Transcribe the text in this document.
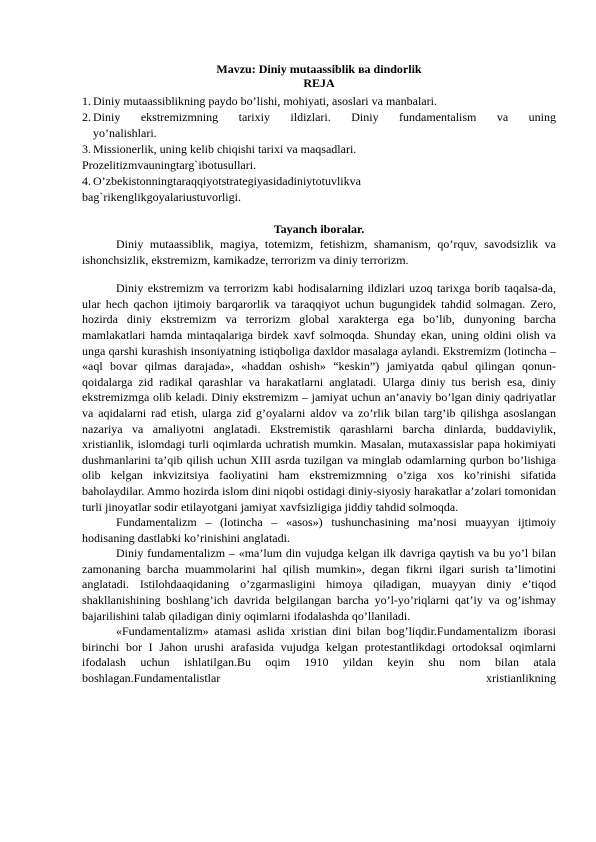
Mavzu: Diniy mutaassiblik вa dindorlik
REJA
1. Diniy mutaassiblikning paydo bo’lishi, mohiyati, asoslari va manbalari.
2. Diniy ekstremizmning tarixiy ildizlari. Diniy fundamentalism va uning
yo’nalishlari.
3. Missionerlik, uning kelib chiqishi tarixi va maqsadlari.
Prozelitizmvauningtarg`ibotusullari.
4. O’zbekistonningtaraqqiyotstrategiyasidadiniytotuvlikva
bag`rikenglikgoyalariustuvorligi.
Tayanch iboralar.

Diniy mutaassiblik, magiya, totemizm, fetishizm, shamanism, qo’rquv, savodsizlik va ishonchsizlik, ekstremizm, kamikadze, terrorizm va diniy terrorizm.

Diniy ekstremizm va terrorizm kabi hodisalarning ildizlari uzoq tarixga borib taqalsa-da, ular hech qachon ijtimoiy barqarorlik va taraqqiyot uchun bugungidek tahdid solmagan. Zero, hozirda diniy ekstremizm va terrorizm global xarakterga ega bo’lib, dunyoning barcha mamlakatlari hamda mintaqalariga birdek xavf solmoqda. Shunday ekan, uning oldini olish va unga qarshi kurashish insoniyatning istiqboliga daxldor masalaga aylandi. Ekstremizm (lotincha – «aql bovar qilmas darajada», «haddan oshish» “keskin”) jamiyatda qabul qilingan qonun-qoidalarga zid radikal qarashlar va harakatlarni anglatadi. Ularga diniy tus berish esa, diniy ekstremizmga olib keladi. Diniy ekstremizm – jamiyat uchun an’anaviy bo’lgan diniy qadriyatlar va aqidalarni rad etish, ularga zid g’oyalarni aldov va zo’rlik bilan targ’ib qilishga asoslangan nazariya va amaliyotni anglatadi. Ekstremistik qarashlarni barcha dinlarda, buddaviylik, xristianlik, islomdagi turli oqimlarda uchratish mumkin. Masalan, mutaxassislar papa hokimiyati dushmanlarini ta’qib qilish uchun XIII asrda tuzilgan va minglab odamlarning qurbon bo’lishiga olib kelgan inkvizitsiya faoliyatini ham ekstremizmning o’ziga xos ko’rinishi sifatida baholaydilar. Ammo hozirda islom dini niqobi ostidagi diniy-siyosiy harakatlar a’zolari tomonidan turli jinoyatlar sodir etilayotgani jamiyat xavfsizligiga jiddiy tahdid solmoqda.

Fundamentalizm – (lotincha – «asos») tushunchasining ma’nosi muayyan ijtimoiy hodisaning dastlabki ko’rinishini anglatadi.

Diniy fundamentalizm – «ma’lum din vujudga kelgan ilk davriga qaytish va bu yo’l bilan zamonaning barcha muammolarini hal qilish mumkin», degan fikrni ilgari surish ta’limotini anglatadi. Istilohdaaqidaning o’zgarmasligini himoya qiladigan, muayyan diniy e’tiqod shakllanishining boshlang’ich davrida belgilangan barcha yo’l-yo’riqlarni qat’iy va og’ishmay bajarilishini talab qiladigan diniy oqimlarni ifodalashda qo’llaniladi.

«Fundamentalizm» atamasi aslida xristian dini bilan bog’liqdir.Fundamentalizm iborasi birinchi bor I Jahon urushi arafasida vujudga kelgan protestantlikdagi ortodoksal oqimlarni ifodalash uchun ishlatilgan.Bu oqim 1910 yildan keyin shu nom bilan atala boshlagan.Fundamentalistlar xristianlikning
